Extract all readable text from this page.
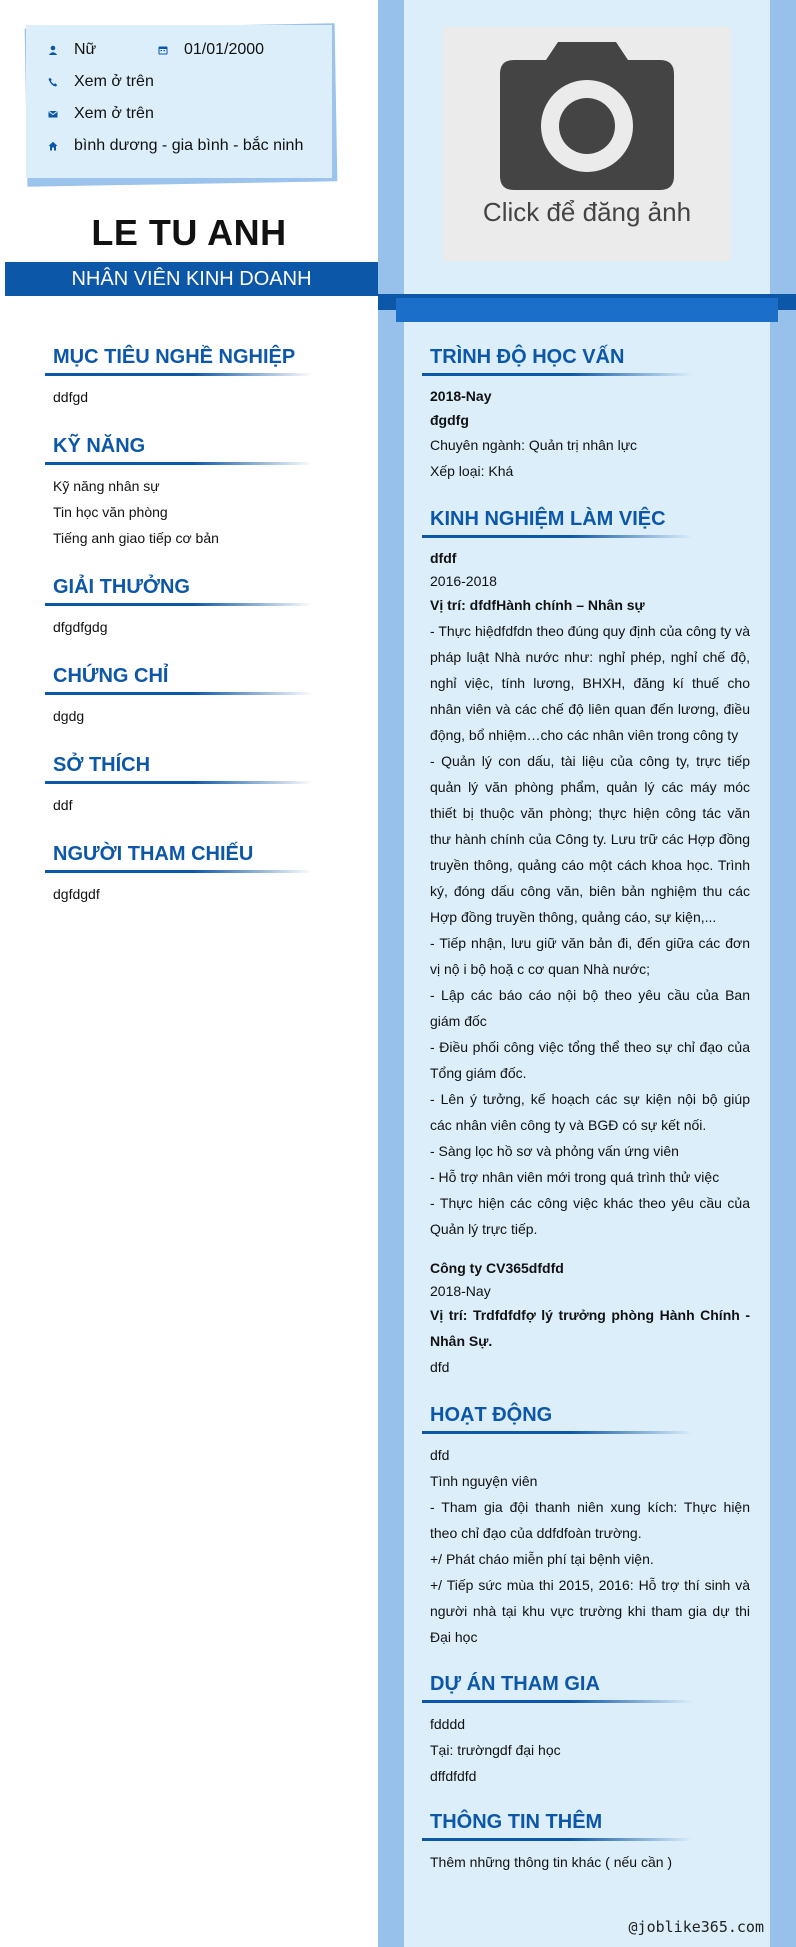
Nữ	01/01/2000
Xem ở trên
Xem ở trên
bình dương - gia bình - bắc ninh
LE TU ANH
NHÂN VIÊN KINH DOANH
Click để đăng ảnh
MỤC TIÊU NGHỀ NGHIỆP
ddfgd
KỸ NĂNG
Kỹ năng nhân sự
Tin học văn phòng
Tiếng anh giao tiếp cơ bản
GIẢI THƯỞNG
dfgdfgdg
CHỨNG CHỈ
dgdg
SỞ THÍCH
ddf
NGƯỜI THAM CHIẾU
dgfdgdf
TRÌNH ĐỘ HỌC VẤN
2018-Nay
đgdfg
Chuyên ngành: Quản trị nhân lực
Xếp loại: Khá
KINH NGHIỆM LÀM VIỆC
dfdf
2016-2018
Vị trí: dfdfHành chính – Nhân sự
- Thực hiệdfdfdn theo đúng quy định của công ty và pháp luật Nhà nước như: nghỉ phép, nghỉ chế độ, nghỉ việc, tính lương, BHXH, đăng kí thuế cho nhân viên và các chế độ liên quan đến lương, điều động, bổ nhiệm…cho các nhân viên trong công ty
- Quản lý con dấu, tài liệu của công ty, trực tiếp quản lý văn phòng phẩm, quản lý các máy móc thiết bị thuộc văn phòng; thực hiện công tác văn thư hành chính của Công ty. Lưu trữ các Hợp đồng truyền thông, quảng cáo một cách khoa học. Trình ký, đóng dấu công văn, biên bản nghiệm thu các Hợp đồng truyền thông, quảng cáo, sự kiện,...
- Tiếp nhận, lưu giữ văn bản đi, đến giữa các đơn vị nộ i bộ hoặ c cơ quan Nhà nước;
- Lập các báo cáo nội bộ theo yêu cầu của Ban giám đốc
- Điều phối công việc tổng thể theo sự chỉ đạo của Tổng giám đốc.
- Lên ý tưởng, kế hoạch các sự kiện nội bộ giúp các nhân viên công ty và BGĐ có sự kết nối.
- Sàng lọc hồ sơ và phỏng vấn ứng viên
- Hỗ trợ nhân viên mới trong quá trình thử việc
- Thực hiện các công việc khác theo yêu cầu của Quản lý trực tiếp.
Công ty CV365dfdfd
2018-Nay
Vị trí: Trdfdfdfợ lý trưởng phòng Hành Chính - Nhân Sự.
dfd
HOẠT ĐỘNG
dfd
Tình nguyện viên
- Tham gia đội thanh niên xung kích: Thực hiện theo chỉ đạo của ddfdfoàn trường.
+/ Phát cháo miễn phí tại bệnh viện.
+/ Tiếp sức mùa thi 2015, 2016: Hỗ trợ thí sinh và người nhà tại khu vực trường khi tham gia dự thi Đại học
DỰ ÁN THAM GIA
fdddd
Tại: trườngdf đại học
dffdfdfd
THÔNG TIN THÊM
Thêm những thông tin khác ( nếu cần )
@joblike365.com
